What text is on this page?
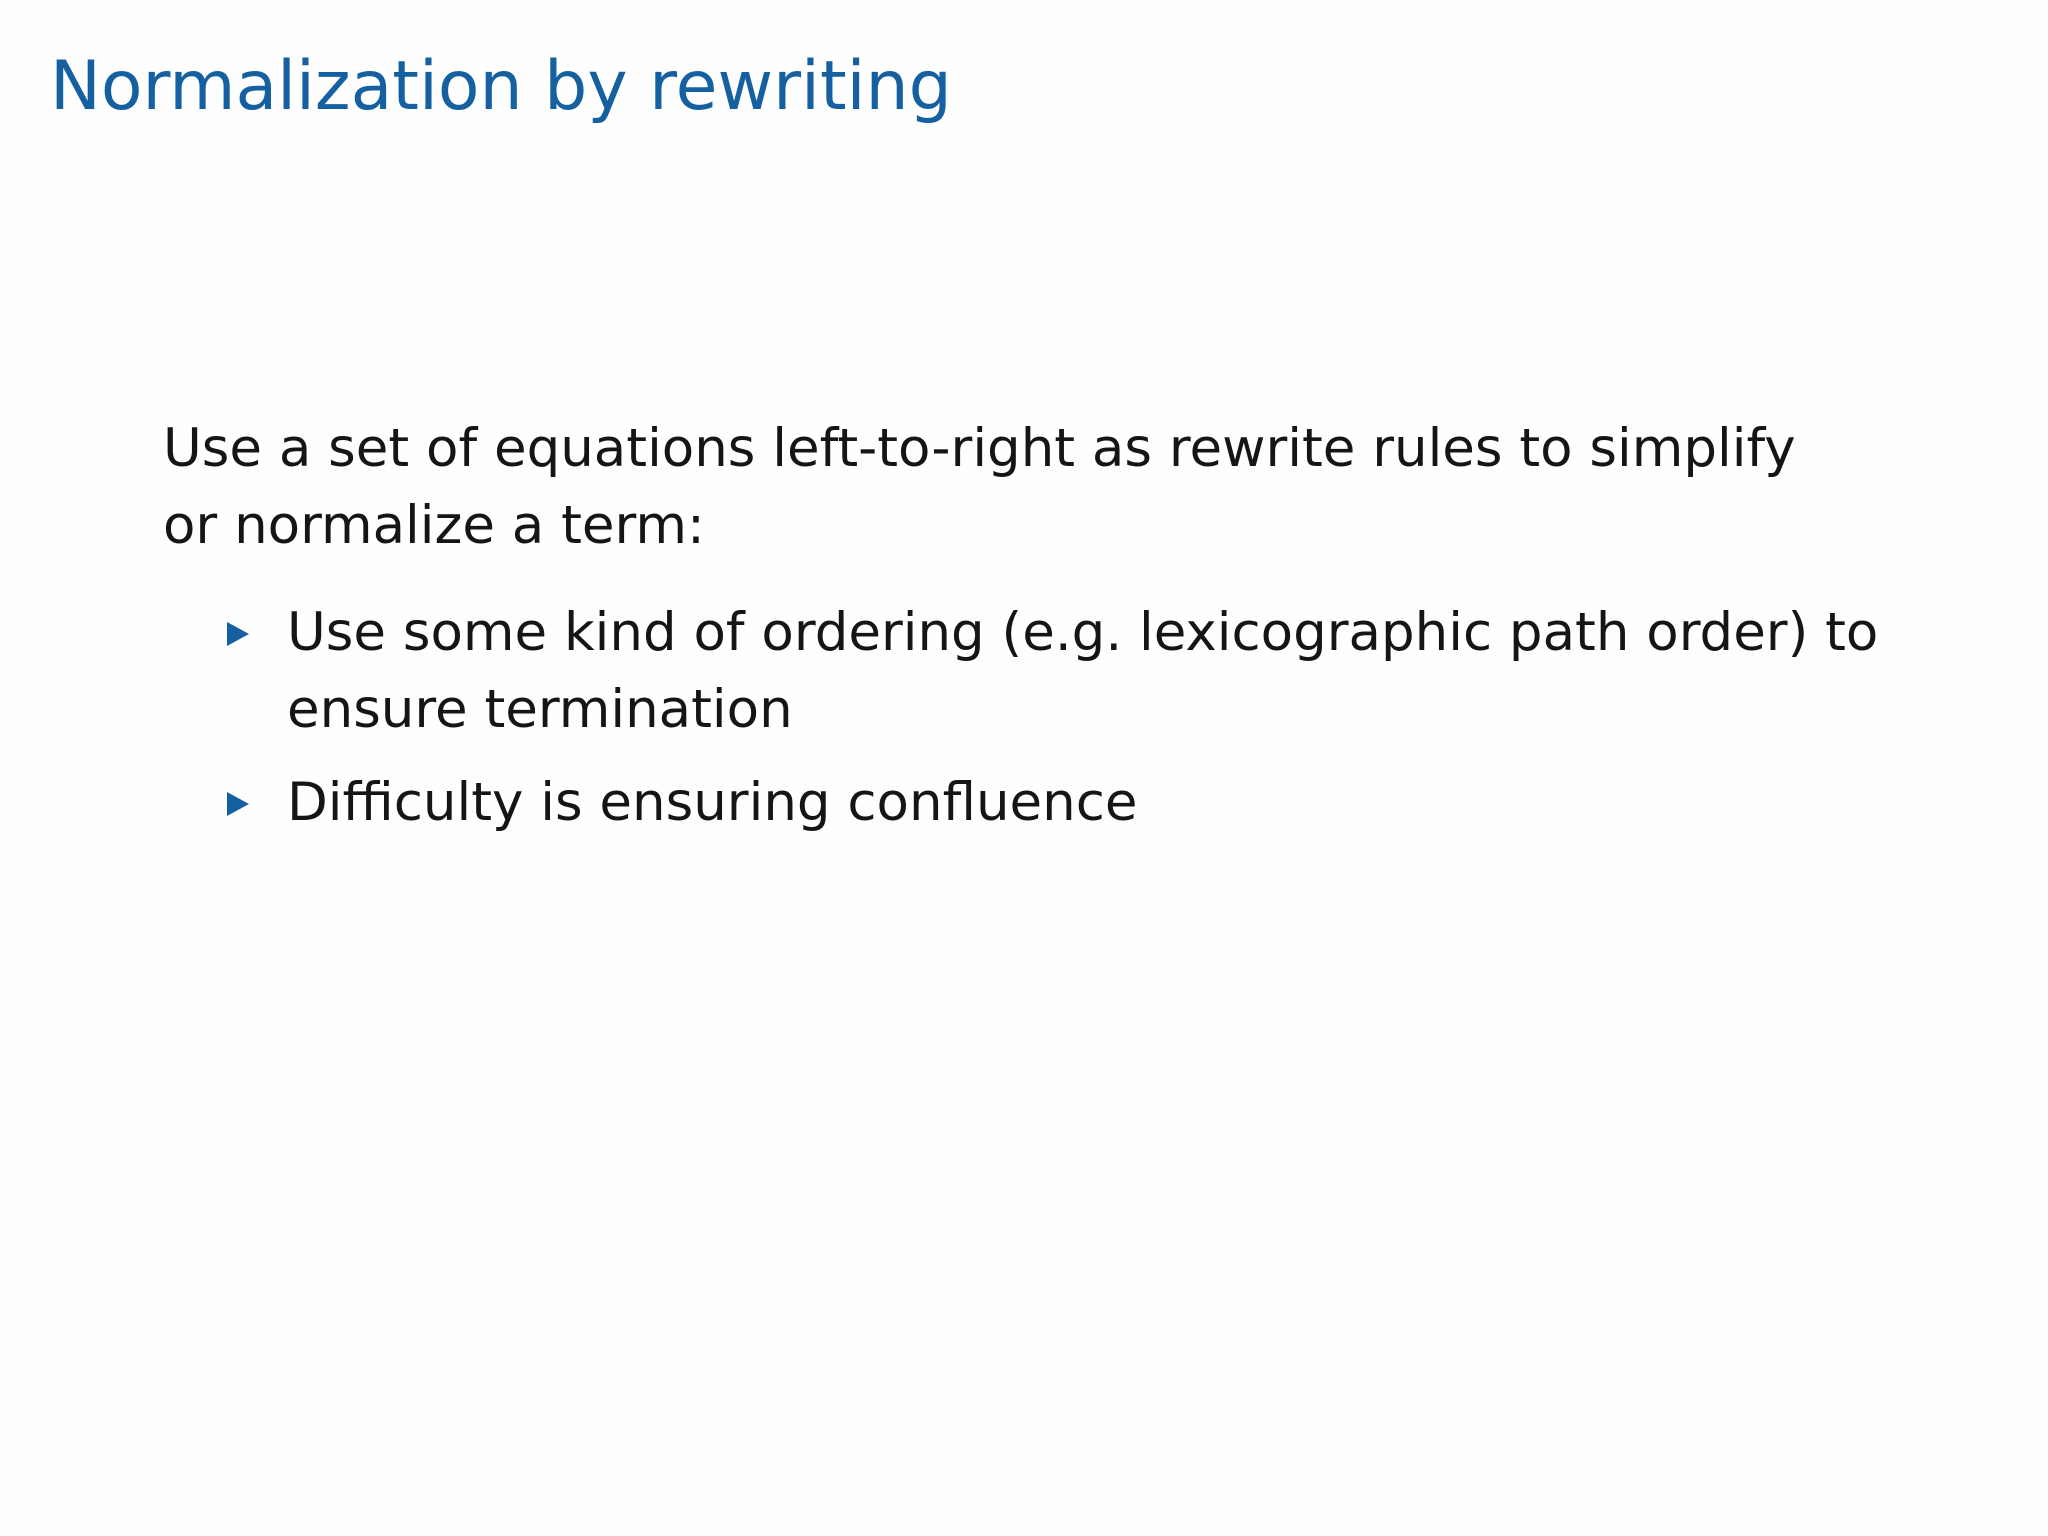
Normalization by rewriting

Use a set of equations left-to-right as rewrite rules to simplify or normalize a term:

Use some kind of ordering (e.g. lexicographic path order) to ensure termination
Difficulty is ensuring confluence
